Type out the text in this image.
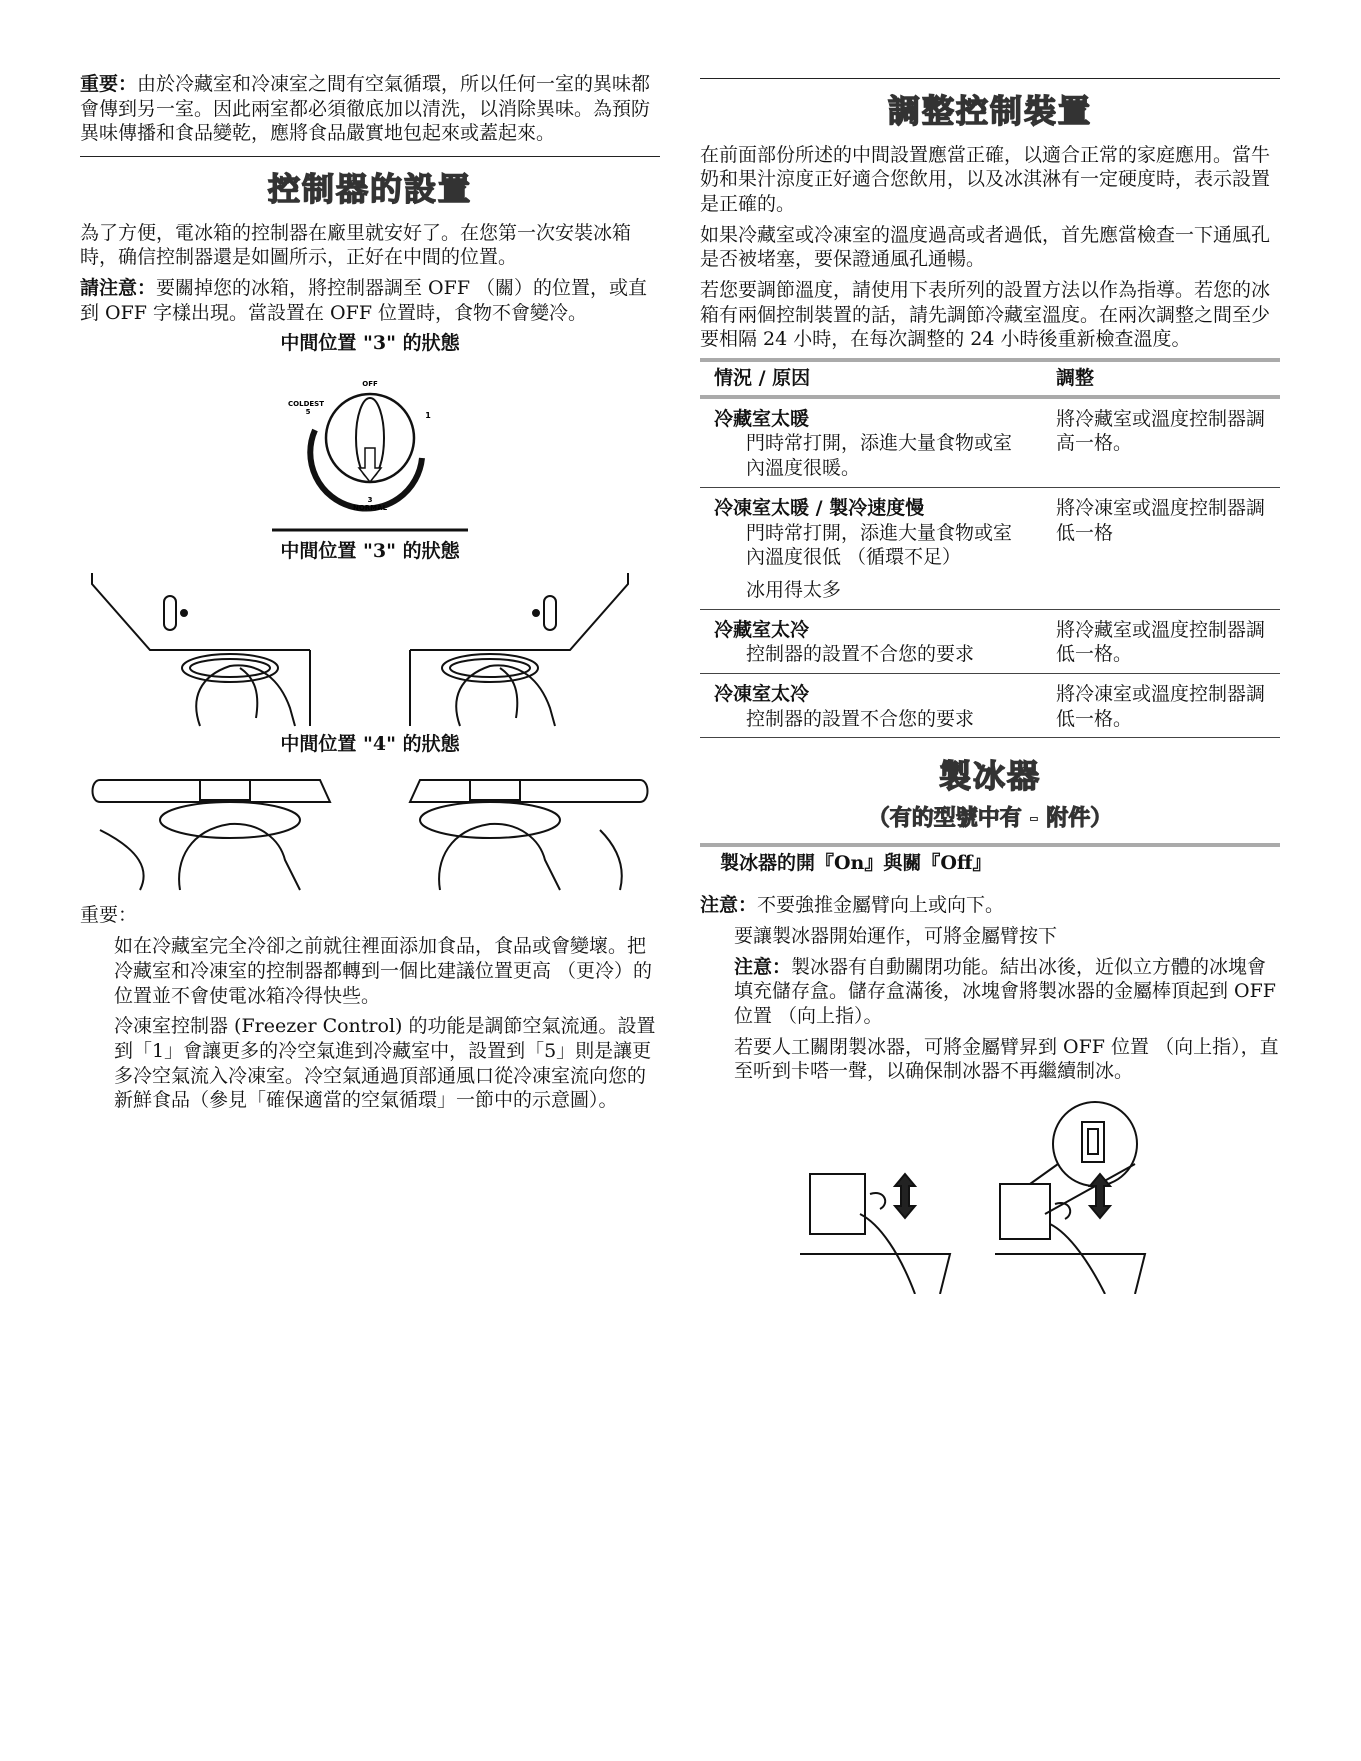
重要：由於冷藏室和冷凍室之間有空氣循環，所以任何一室的異味都會傳到另一室。因此兩室都必須徹底加以清洗，以消除異味。為預防異味傳播和食品變乾，應將食品嚴實地包起來或蓋起來。

控制器的設置

為了方便，電冰箱的控制器在廠里就安好了。在您第一次安裝冰箱時，确信控制器還是如圖所示，正好在中間的位置。

請注意：要關掉您的冰箱，將控制器調至 OFF （關）的位置，或直到 OFF 字樣出現。當設置在 OFF 位置時，食物不會變冷。

中間位置 "3" 的狀態
OFF
COLDEST
5	1
3
NORMAL
中間位置 "3" 的狀​態
中間位置 "4" 的狀​態

重要：

如在冷藏室完全冷卻之前就往裡面添加食品，食品或會變壞。把冷藏室和冷凍室的控制器都轉到一個比建議位置更高 （更冷）的位置並不會使電冰箱冷得快些。

冷凍室控制器 (Freezer Control) 的功能是調節空氣流通。設置到「1」會讓更多的冷空氣進到冷藏室中，設置到「5」則是讓更多冷空氣流入冷凍室。冷空氣通過頂部通風口從冷凍室流向您的新鮮食品（參見「確保適當的空氣循環」一節中的示意圖）。

調整控制裝置

在前面部份所述的中間設置應當正確，以適合正常的家庭應用。當牛奶和果汁涼度正好適合您飲用，以及冰淇淋有一定硬度時，表示設置是正確的。

如果冷藏室或冷凍室的溫度過高或者過低，首先應當檢查一下通風孔是否被堵塞，要保證通風孔通暢。

若您要調節溫度，請使用下表所列的設置方法以作為指導。若您的冰箱有兩個控制裝置的話，請先調節冷藏室溫度。在兩次調整之間至少要相隔 24 小時，在每次調整的 24 小時後重新檢查溫度。

情況 / 原因	調整
冷藏室太暖
門時常打開，添進大量食物或室內溫度很暖。	將冷藏室或溫度控制器調高一格。
冷凍室太暖 / 製冷速度慢
門時常打開，添進大量食物或室內溫度很低 （循環不足）
冰用得太多	將冷凍室或溫度控制器調低一格
冷藏室太冷
控制器的設置不合您的要求	將冷藏室或溫度控制器調低一格。
冷凍室太冷
控制器的設置不合您的要求	將冷凍室或溫度控制器調低一格。
製冰器
（有的型號中有 - 附件）
製冰器的開『On』與關『Off』

注意：不要強推金屬臂向上或向下。

要讓製冰器開始運作，可將金屬臂按下

注意：製冰器有自動關閉功能。結出冰後，近似立方體的冰塊會填充儲存盒。儲存盒滿後，冰塊會將製冰器的金屬棒頂起到 OFF 位置 （向上指）。

若要人工關閉製冰器，可將金屬臂昇到 OFF 位置 （向上指），直至听到卡嗒一聲，以确保制冰器不再繼續制冰。
